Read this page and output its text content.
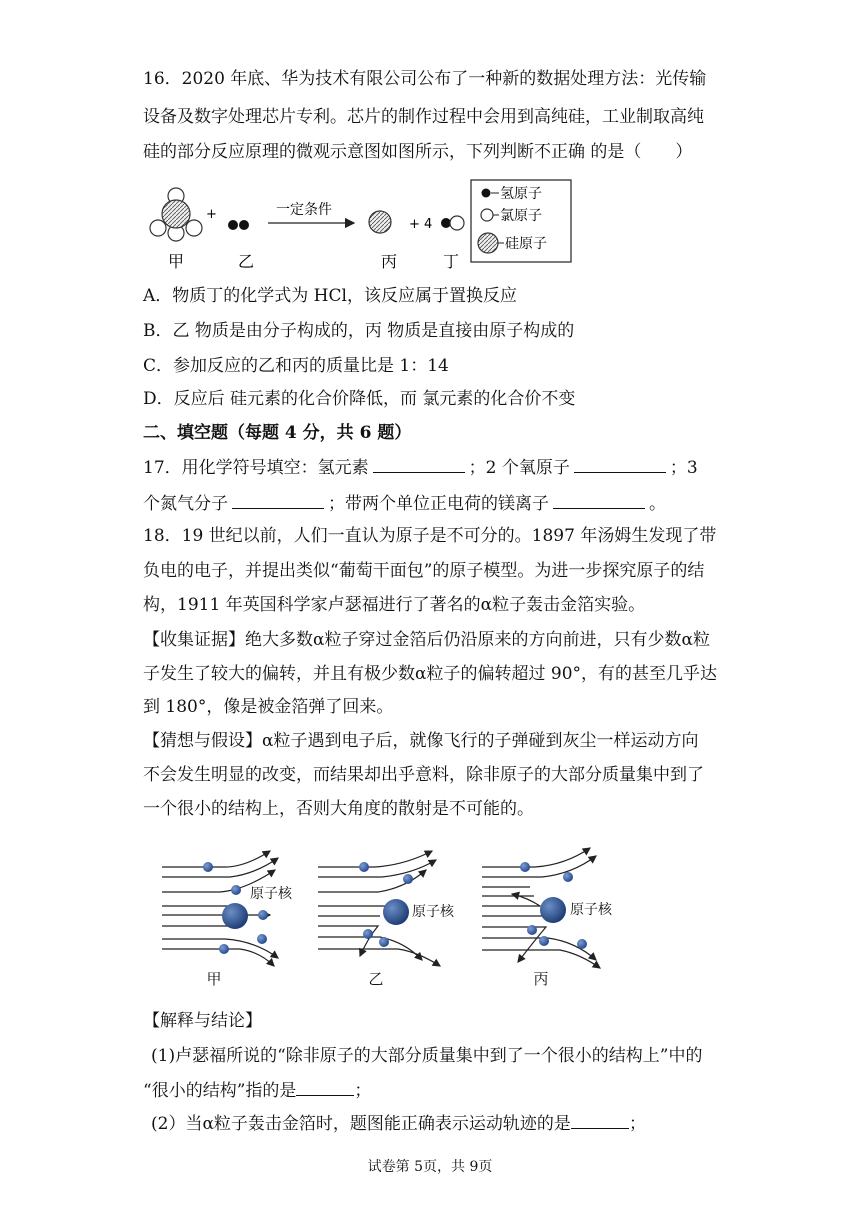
16．2020 年底、华为技术有限公司公布了一种新的数据处理方法：光传输
设备及数字处理芯片专利。芯片的制作过程中会用到高纯硅，工业制取高纯
硅的部分反应原理的微观示意图如图所示，下列判断不正确 的是（　　）
+	一定条件
+ 4
甲	乙	丙	丁
氢原子
氯原子
硅原子
A．物质丁的化学式为 HCl，该反应属于置换反应
B．乙 物质是由分子构成的，丙 物质是直接由原子构成的
C．参加反应的乙和丙的质量比是 1：14
D．反应后 硅元素的化合价降低，而 氯元素的化合价不变
二、填空题（每题 4 分，共 6 题）
17．用化学符号填空：氢元素	；2 个氧原子	；3
个氮气分子	；带两个单位正电荷的镁离子	。
18．19 世纪以前，人们一直认为原子是不可分的。1897 年汤姆生发现了带
负电的电子，并提出类似“葡萄干面包”的原子模型。为进一步探究原子的结
构，1911 年英国科学家卢瑟福进行了著名的α粒子轰击金箔实验。
【收集证据】绝大多数α粒子穿过金箔后仍沿原来的方向前进，只有少数α粒
子发生了较大的偏转，并且有极少数α粒子的偏转超过 90°，有的甚至几乎达
到 180°，像是被金箔弹了回来。
【猜想与假设】α粒子遇到电子后，就像飞行的子弹碰到灰尘一样运动方向
不会发生明显的改变，而结果却出乎意料，除非原子的大部分质量集中到了
一个很小的结构上，否则大角度的散射是不可能的。
原子核
甲
原子核
乙
原子核
丙
【解释与结论】
(1)卢瑟福所说的“除非原子的大部分质量集中到了一个很小的结构上”中的
“很小的结构”指的是	；
(2）当α粒子轰击金箔时，题图能正确表示运动轨迹的是	；
试卷第 5页，共 9页
